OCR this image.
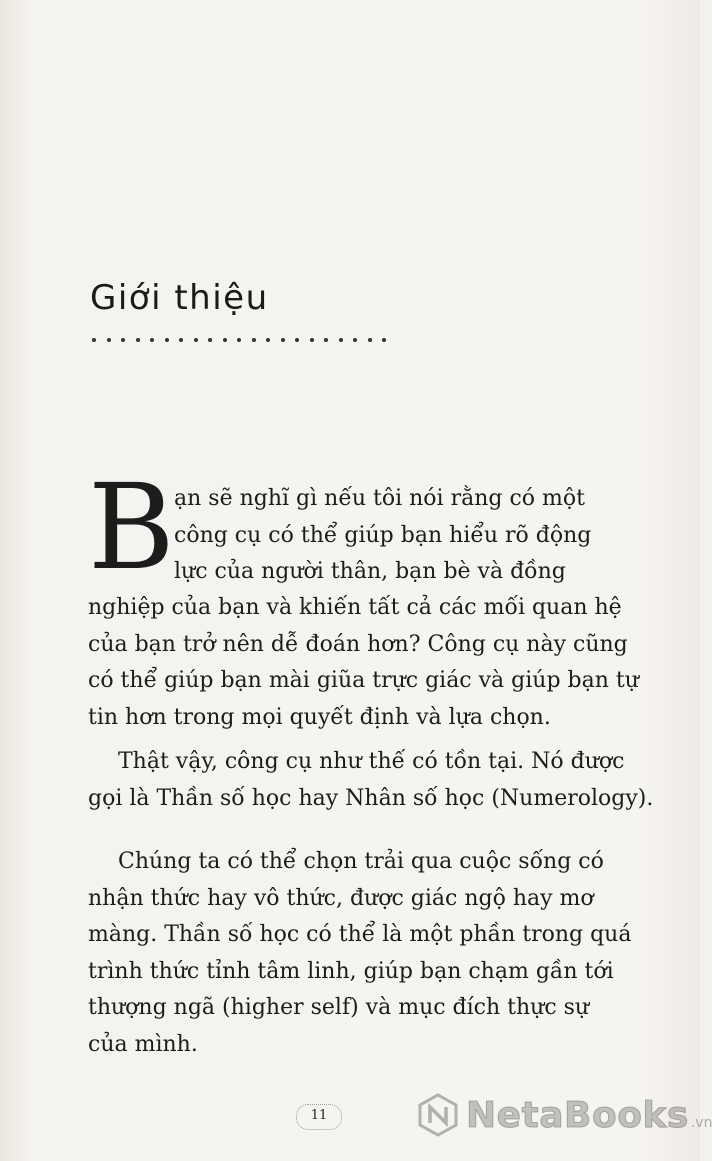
Giới thiệu
B ạn sẽ nghĩ gì nếu tôi nói rằng có một
công cụ có thể giúp bạn hiểu rõ động
lực của người thân, bạn bè và đồng
nghiệp của bạn và khiến tất cả các mối quan hệ
của bạn trở nên dễ đoán hơn? Công cụ này cũng
có thể giúp bạn mài giũa trực giác và giúp bạn tự
tin hơn trong mọi quyết định và lựa chọn.
Thật vậy, công cụ như thế có tồn tại. Nó được
gọi là Thần số học hay Nhân số học (Numerology).
Chúng ta có thể chọn trải qua cuộc sống có
nhận thức hay vô thức, được giác ngộ hay mơ
màng. Thần số học có thể là một phần trong quá
trình thức tỉnh tâm linh, giúp bạn chạm gần tới
thượng ngã (higher self) và mục đích thực sự
của mình.
11	NetaBooks .vn
